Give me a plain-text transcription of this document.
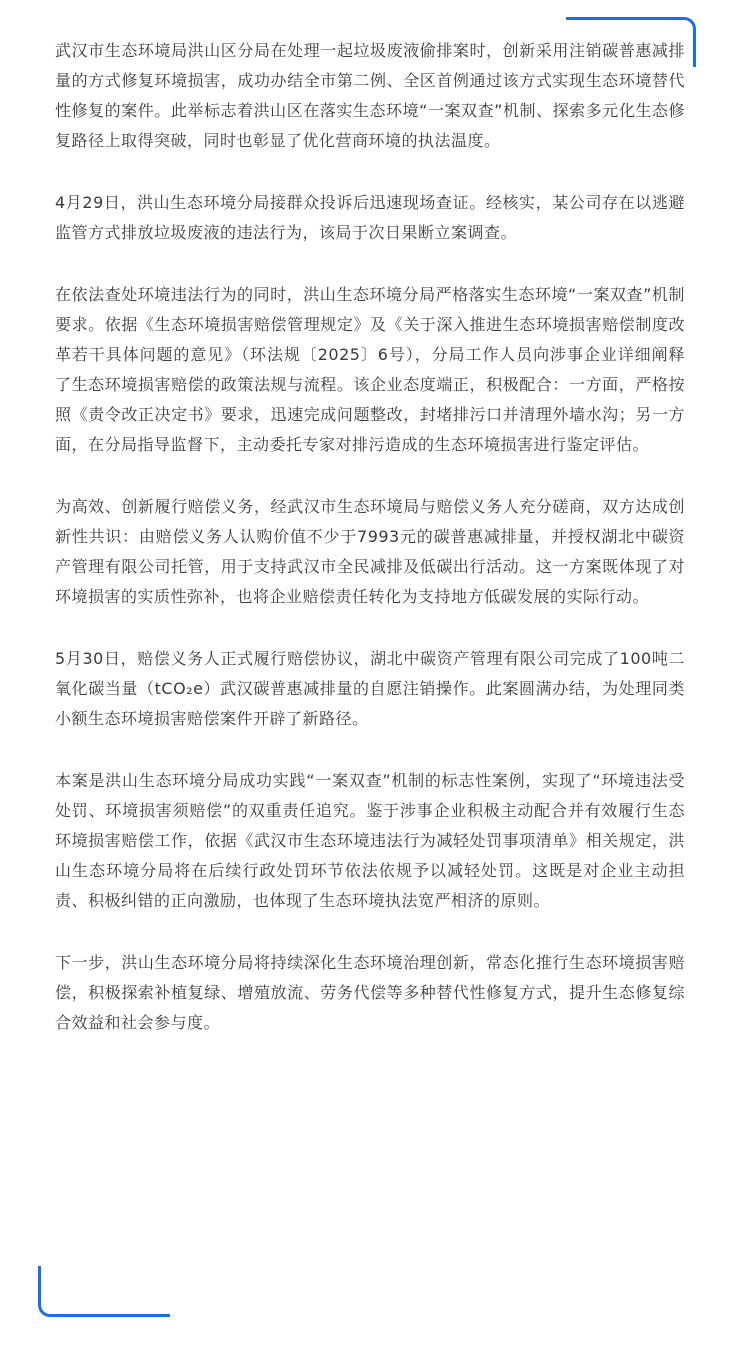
武汉市生态环境局洪山区分局在处理一起垃圾废液偷排案时，创新采用注销碳普惠减排量的方式修复环境损害，成功办结全市第二例、全区首例通过该方式实现生态环境替代性修复的案件。此举标志着洪山区在落实生态环境“一案双查”机制、探索多元化生态修复路径上取得突破，同时也彰显了优化营商环境的执法温度。

4月29日，洪山生态环境分局接群众投诉后迅速现场查证。经核实，某公司存在以逃避监管方式排放垃圾废液的违法行为，该局于次日果断立案调查。

在依法查处环境违法行为的同时，洪山生态环境分局严格落实生态环境“一案双查”机制要求。依据《生态环境损害赔偿管理规定》及《关于深入推进生态环境损害赔偿制度改革若干具体问题的意见》（环法规〔2025〕6号），分局工作人员向涉事企业详细阐释了生态环境损害赔偿的政策法规与流程。该企业态度端正，积极配合：一方面，严格按照《责令改正决定书》要求，迅速完成问题整改，封堵排污口并清理外墙水沟；另一方面，在分局指导监督下，主动委托专家对排污造成的生态环境损害进行鉴定评估。

为高效、创新履行赔偿义务，经武汉市生态环境局与赔偿义务人充分磋商，双方达成创新性共识：由赔偿义务人认购价值不少于7993元的碳普惠减排量，并授权湖北中碳资产管理有限公司托管，用于支持武汉市全民减排及低碳出行活动。这一方案既体现了对环境损害的实质性弥补，也将企业赔偿责任转化为支持地方低碳发展的实际行动。

5月30日，赔偿义务人正式履行赔偿协议，湖北中碳资产管理有限公司完成了100吨二氧化碳当量（tCO₂e）武汉碳普惠减排量的自愿注销操作。此案圆满办结，为处理同类小额生态环境损害赔偿案件开辟了新路径。

本案是洪山生态环境分局成功实践“一案双查”机制的标志性案例，实现了“环境违法受处罚、环境损害须赔偿”的双重责任追究。鉴于涉事企业积极主动配合并有效履行生态环境损害赔偿工作，依据《武汉市生态环境违法行为减轻处罚事项清单》相关规定，洪山生态环境分局将在后续行政处罚环节依法依规予以减轻处罚。这既是对企业主动担责、积极纠错的正向激励，也体现了生态环境执法宽严相济的原则。

下一步，洪山生态环境分局将持续深化生态环境治理创新，常态化推行生态环境损害赔偿，积极探索补植复绿、增殖放流、劳务代偿等多种替代性修复方式，提升生态修复综合效益和社会参与度。
